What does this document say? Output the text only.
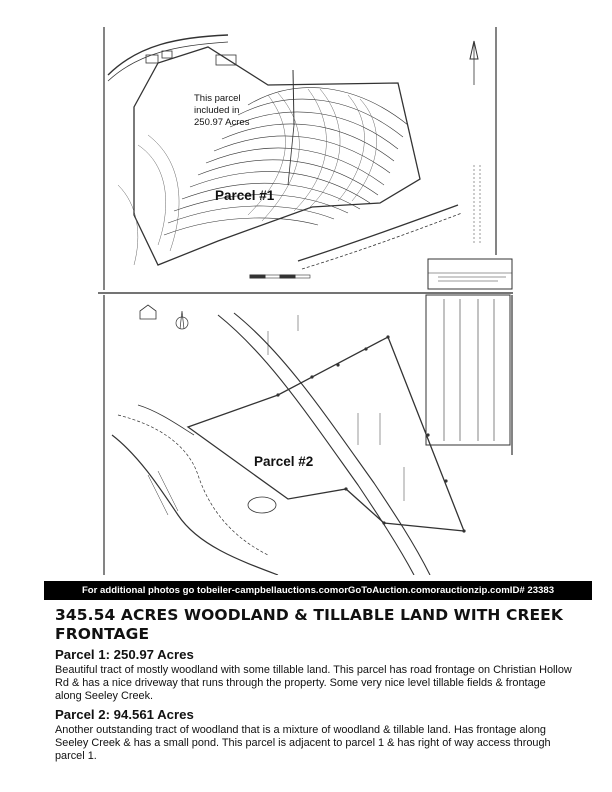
This parcel
included in
250.97 Acres
Parcel #1
Parcel #2
For additional photos go to beiler-campbellauctions.com or GoToAuction.com or auctionzip.com ID# 23383
345.54 ACRES WOODLAND & TILLABLE LAND WITH CREEK FRONTAGE
Parcel 1: 250.97 Acres

Beautiful tract of mostly woodland with some tillable land. This parcel has road frontage on Christian Hollow Rd & has a nice driveway that runs through the property. Some very nice level tillable fields & frontage along Seeley Creek.

Parcel 2: 94.561 Acres

Another outstanding tract of woodland that is a mixture of woodland & tillable land. Has frontage along Seeley Creek & has a small pond. This parcel is adjacent to parcel 1 & has right of way access through parcel 1.
